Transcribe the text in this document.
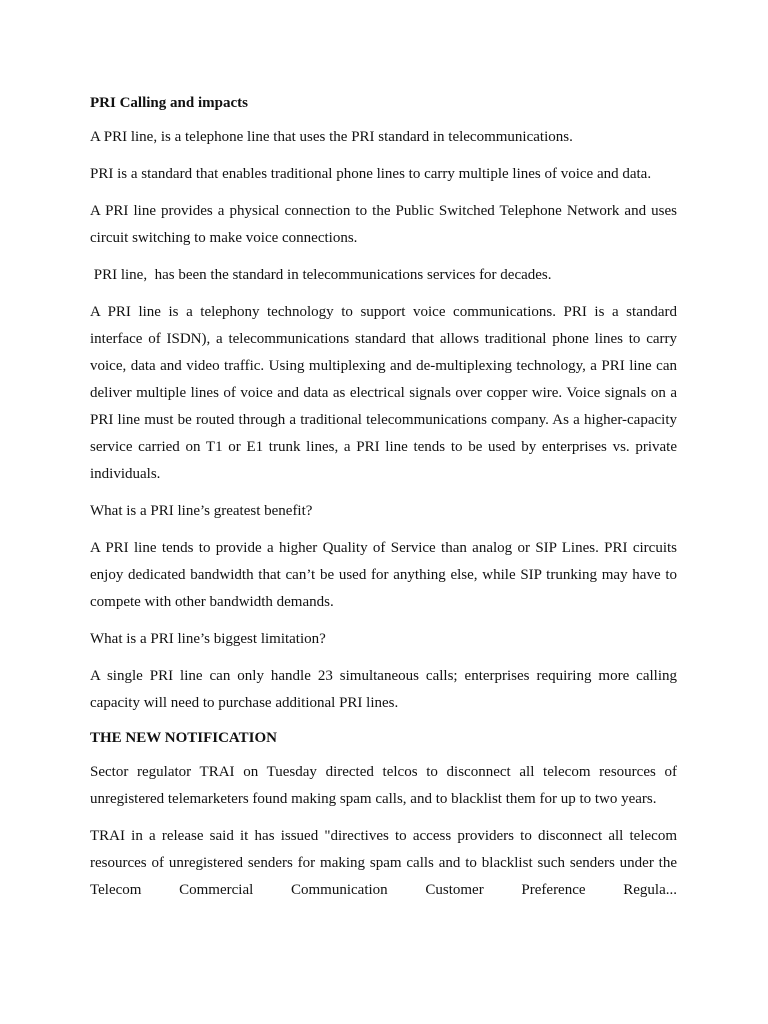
PRI Calling and impacts

A PRI line, is a telephone line that uses the PRI standard in telecommunications.

PRI is a standard that enables traditional phone lines to carry multiple lines of voice and data.

A PRI line provides a physical connection to the Public Switched Telephone Network and uses circuit switching to make voice connections.

PRI line,  has been the standard in telecommunications services for decades.

A PRI line is a telephony technology to support voice communications. PRI is a standard interface of ISDN), a telecommunications standard that allows traditional phone lines to carry voice, data and video traffic. Using multiplexing and de-multiplexing technology, a PRI line can deliver multiple lines of voice and data as electrical signals over copper wire. Voice signals on a PRI line must be routed through a traditional telecommunications company. As a higher-capacity service carried on T1 or E1 trunk lines, a PRI line tends to be used by enterprises vs. private individuals.

What is a PRI line’s greatest benefit?

A PRI line tends to provide a higher Quality of Service than analog or SIP Lines. PRI circuits enjoy dedicated bandwidth that can’t be used for anything else, while SIP trunking may have to compete with other bandwidth demands.

What is a PRI line’s biggest limitation?

A single PRI line can only handle 23 simultaneous calls; enterprises requiring more calling capacity will need to purchase additional PRI lines.

THE NEW NOTIFICATION

Sector regulator TRAI on Tuesday directed telcos to disconnect all telecom resources of unregistered telemarketers found making spam calls, and to blacklist them for up to two years.

TRAI in a release said it has issued "directives to access providers to disconnect all telecom resources of unregistered senders for making spam calls and to blacklist such senders under the Telecom Commercial Communication Customer Preference Regula...
